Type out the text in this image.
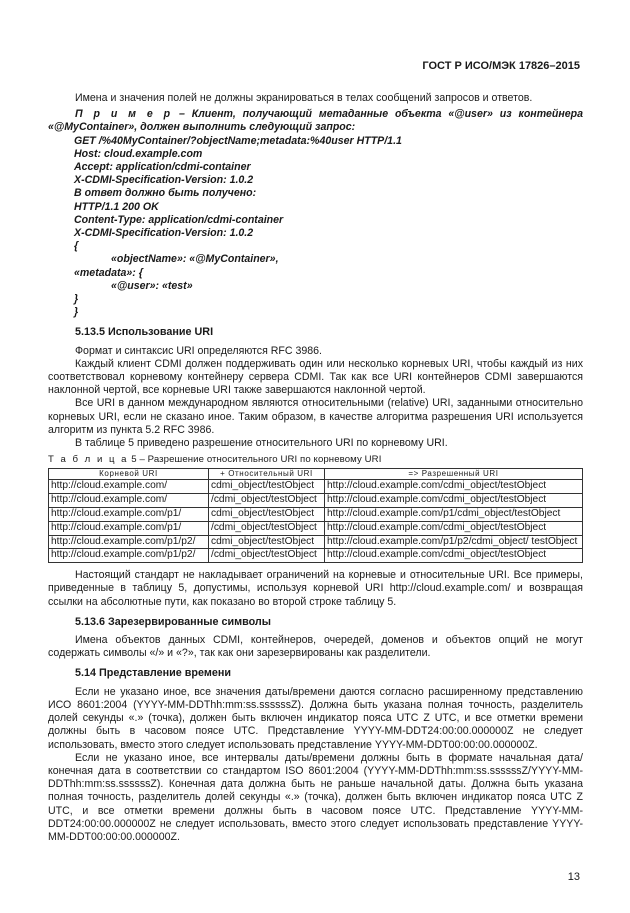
ГОСТ Р ИСО/МЭК 17826–2015

Имена и значения полей не должны экранироваться в телах сообщений запросов и ответов.

П р и м е р – Клиент, получающий метаданные объекта «@user» из контейнера «@MyContainer», должен выполнить следующий запрос:

GET /%40MyContainer/?objectName;metadata:%40user HTTP/1.1
Host: cloud.example.com
Accept: application/cdmi-container
X-CDMI-Specification-Version: 1.0.2
В ответ должно быть получено:
HTTP/1.1 200 OK
Content-Type: application/cdmi-container
X-CDMI-Specification-Version: 1.0.2
{
«objectName»: «@MyContainer»,
«metadata»: {
«@user»: «test»
}
}
5.13.5 Использование URI

Формат и синтаксис URI определяются RFC 3986.

Каждый клиент CDMI должен поддерживать один или несколько корневых URI, чтобы каждый из них соответствовал корневому контейнеру сервера CDMI. Так как все URI контейнеров CDMI завершаются наклонной чертой, все корневые URI также завершаются наклонной чертой.

Все URI в данном международном являются относительными (relative) URI, заданными относительно корневых URI, если не сказано иное. Таким образом, в качестве алгоритма разрешения URI используется алгоритм из пункта 5.2 RFC 3986.

В таблице 5 приведено разрешение относительного URI по корневому URI.

Т а б л и ц а 5 – Разрешение относительного URI по корневому URI
Корневой URI	+ Относительный URI	=> Разрешенный URI
http://cloud.example.com/	cdmi_object/testObject	http://cloud.example.com/cdmi_object/testObject
http://cloud.example.com/	/cdmi_object/testObject	http://cloud.example.com/cdmi_object/testObject
http://cloud.example.com/p1/	cdmi_object/testObject	http://cloud.example.com/p1/cdmi_object/testObject
http://cloud.example.com/p1/	/cdmi_object/testObject	http://cloud.example.com/cdmi_object/testObject
http://cloud.example.com/p1/p2/	cdmi_object/testObject	http://cloud.example.com/p1/p2/cdmi_object/ testObject
http://cloud.example.com/p1/p2/	/cdmi_object/testObject	http://cloud.example.com/cdmi_object/testObject

Настоящий стандарт не накладывает ограничений на корневые и относительные URI. Все примеры, приведенные в таблицу 5, допустимы, используя корневой URI http://cloud.example.com/ и возвращая ссылки на абсолютные пути, как показано во второй строке таблицу 5.

5.13.6 Зарезервированные символы

Имена объектов данных CDMI, контейнеров, очередей, доменов и объектов опций не могут содержать символы «/» и «?», так как они зарезервированы как разделители.

5.14 Представление времени

Если не указано иное, все значения даты/времени даются согласно расширенному представлению ИСО 8601:2004 (YYYY-MM-DDThh:mm:ss.ssssssZ). Должна быть указана полная точность, разделитель долей секунды «.» (точка), должен быть включен индикатор пояса UTC Z UTC, и все отметки времени должны быть в часовом поясе UTC. Представление YYYY-MM-DDT24:00:00.000000Z не следует использовать, вместо этого следует использовать представление YYYY-MM-DDT00:00:00.000000Z.

Если не указано иное, все интервалы даты/времени должны быть в формате начальная дата/конечная дата в соответствии со стандартом ISO 8601:2004 (YYYY-MM-DDThh:mm:ss.ssssssZ/YYYY-MM-DDThh:mm:ss.ssssssZ). Конечная дата должна быть не раньше начальной даты. Должна быть указана полная точность, разделитель долей секунды «.» (точка), должен быть включен индикатор пояса UTC Z UTC, и все отметки времени должны быть в часовом поясе UTC. Представление YYYY-MM-DDT24:00:00.000000Z не следует использовать, вместо этого следует использовать представление YYYY-MM-DDT00:00:00.000000Z.

13
